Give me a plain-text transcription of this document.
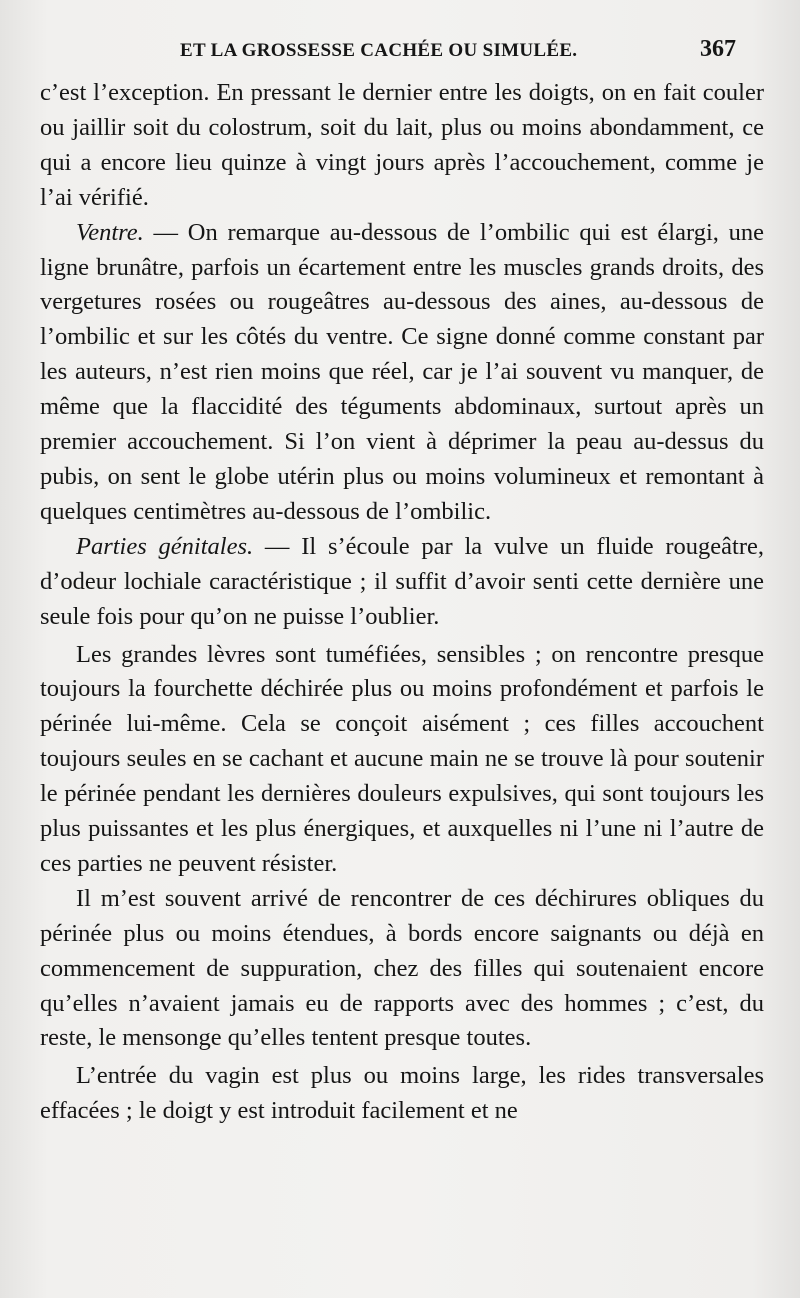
ET LA GROSSESSE CACHÉE OU SIMULÉE.	367

c’est l’exception. En pressant le dernier entre les doigts, on en fait couler ou jaillir soit du colostrum, soit du lait, plus ou moins abondamment, ce qui a encore lieu quinze à vingt jours après l’accouchement, comme je l’ai vérifié.

Ventre. — On remarque au-dessous de l’ombilic qui est élargi, une ligne brunâtre, parfois un écartement entre les muscles grands droits, des vergetures rosées ou rougeâtres au-dessous des aines, au-dessous de l’ombilic et sur les côtés du ventre. Ce signe donné comme constant par les auteurs, n’est rien moins que réel, car je l’ai souvent vu manquer, de même que la flaccidité des téguments abdominaux, surtout après un premier accouchement. Si l’on vient à déprimer la peau au-dessus du pubis, on sent le globe utérin plus ou moins volumineux et remontant à quelques centimètres au-dessous de l’ombilic.

Parties génitales. — Il s’écoule par la vulve un fluide rougeâtre, d’odeur lochiale caractéristique ; il suffit d’avoir senti cette dernière une seule fois pour qu’on ne puisse l’oublier.

Les grandes lèvres sont tuméfiées, sensibles ; on rencontre presque toujours la fourchette déchirée plus ou moins profondément et parfois le périnée lui-même. Cela se conçoit aisément ; ces filles accouchent toujours seules en se cachant et aucune main ne se trouve là pour soutenir le périnée pendant les dernières douleurs expulsives, qui sont toujours les plus puissantes et les plus énergiques, et auxquelles ni l’une ni l’autre de ces parties ne peuvent résister.

Il m’est souvent arrivé de rencontrer de ces déchirures obliques du périnée plus ou moins étendues, à bords encore saignants ou déjà en commencement de suppuration, chez des filles qui soutenaient encore qu’elles n’avaient jamais eu de rapports avec des hommes ; c’est, du reste, le mensonge qu’elles tentent presque toutes.

L’entrée du vagin est plus ou moins large, les rides transversales effacées ; le doigt y est introduit facilement et ne
